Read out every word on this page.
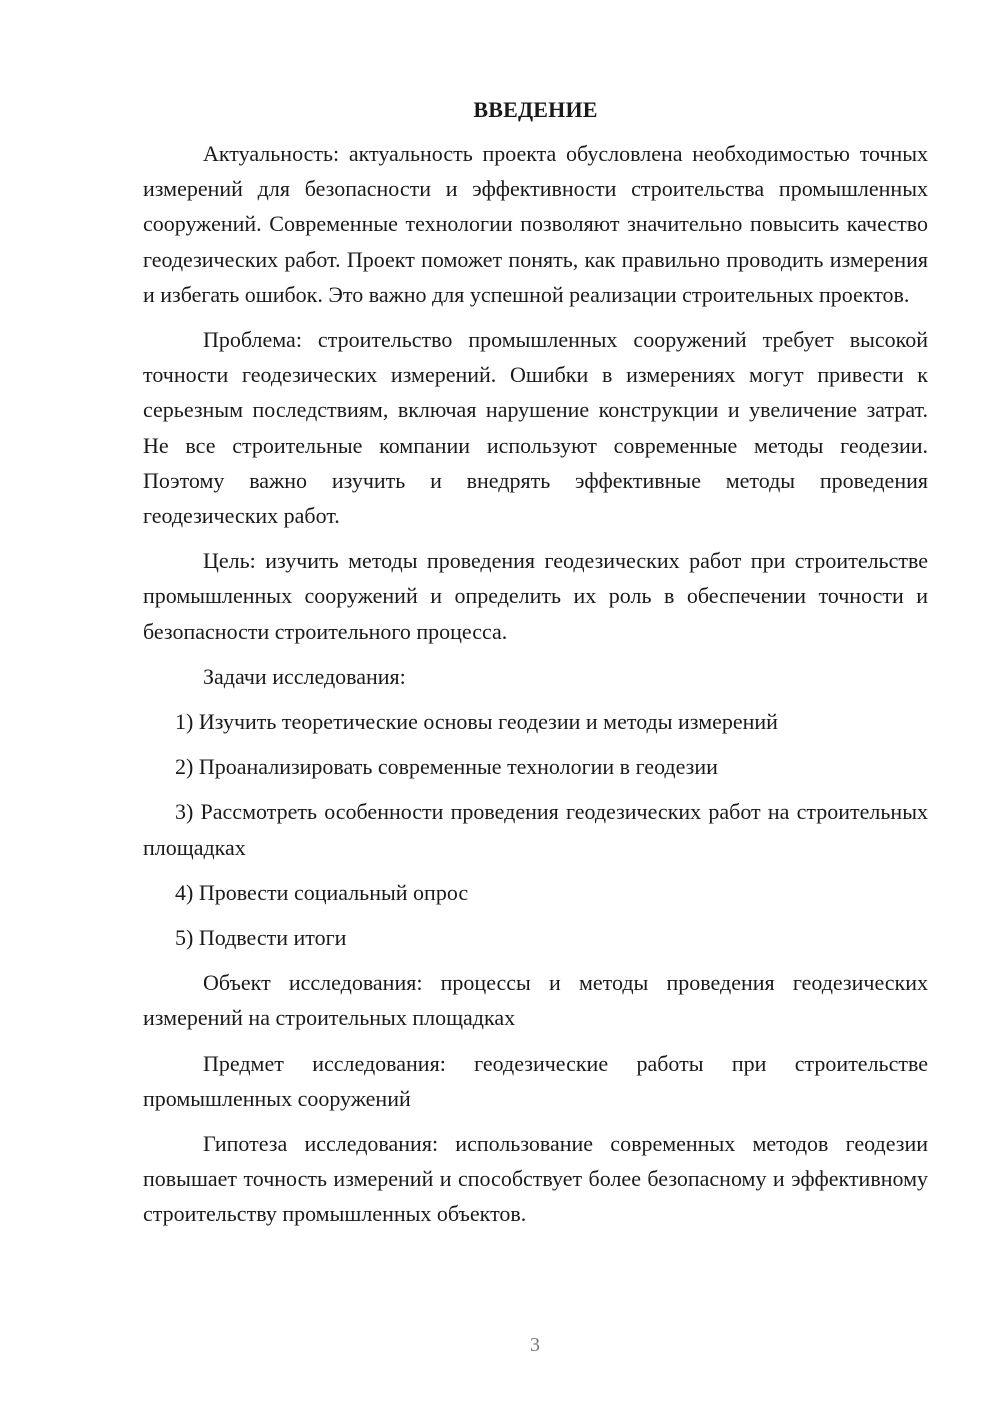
ВВЕДЕНИЕ

Актуальность: актуальность проекта обусловлена необходимостью точных измерений для безопасности и эффективности строительства промышленных сооружений. Современные технологии позволяют значительно повысить качество геодезических работ. Проект поможет понять, как правильно проводить измерения и избегать ошибок. Это важно для успешной реализации строительных проектов.

Проблема: строительство промышленных сооружений требует высокой точности геодезических измерений. Ошибки в измерениях могут привести к серьезным последствиям, включая нарушение конструкции и увеличение затрат. Не все строительные компании используют современные методы геодезии. Поэтому важно изучить и внедрять эффективные методы проведения геодезических работ.

Цель: изучить методы проведения геодезических работ при строительстве промышленных сооружений и определить их роль в обеспечении точности и безопасности строительного процесса.

Задачи исследования:

1) Изучить теоретические основы геодезии и методы измерений

2) Проанализировать современные технологии в геодезии

3) Рассмотреть особенности проведения геодезических работ на строительных площадках

4) Провести социальный опрос

5) Подвести итоги

Объект исследования: процессы и методы проведения геодезических измерений на строительных площадках

Предмет исследования: геодезические работы при строительстве промышленных сооружений

Гипотеза исследования: использование современных методов геодезии повышает точность измерений и способствует более безопасному и эффективному строительству промышленных объектов.

3
